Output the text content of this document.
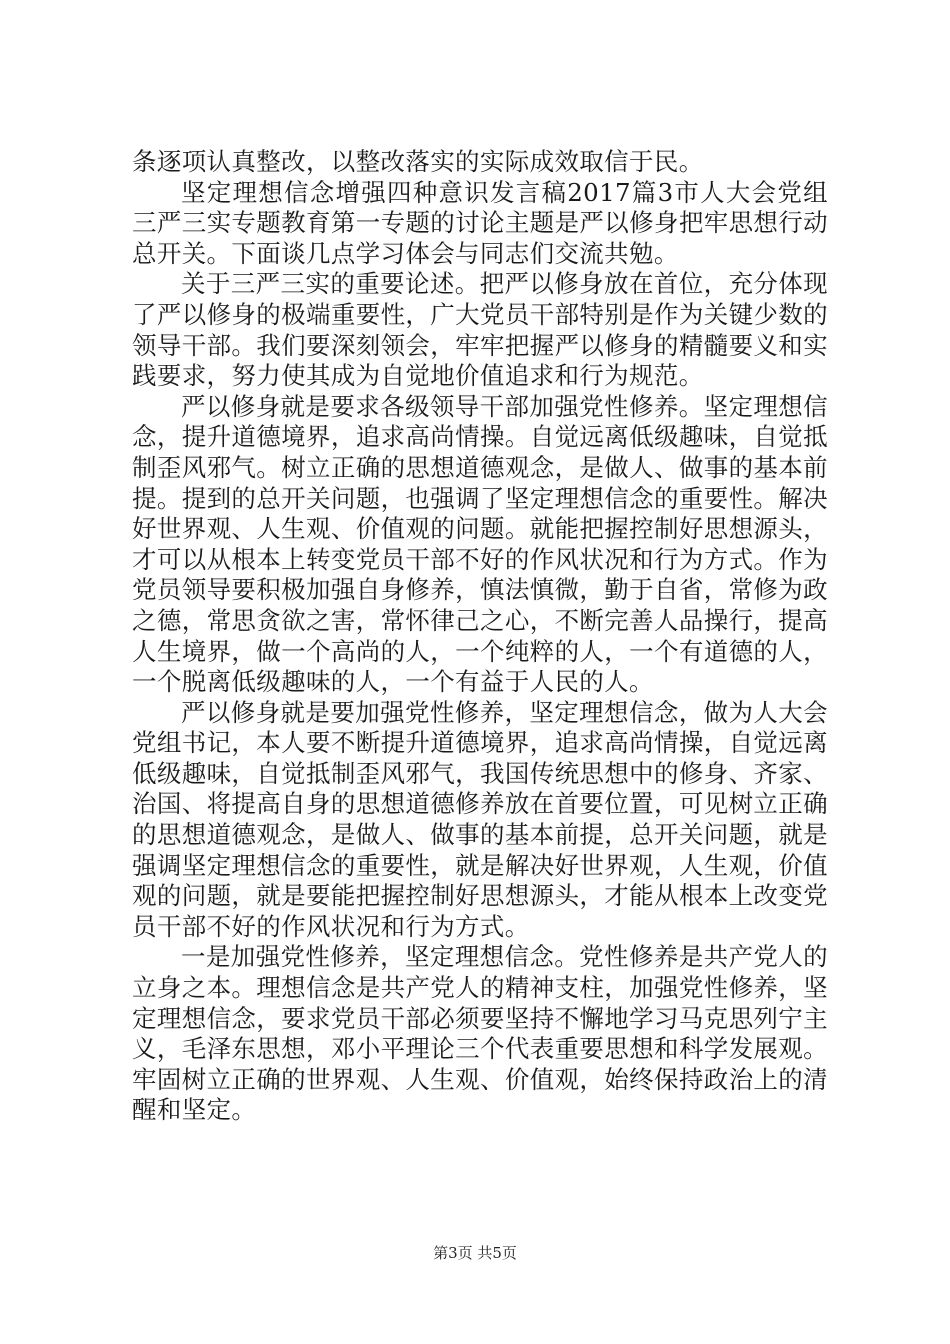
条逐项认真整改，以整改落实的实际成效取信于民。

坚定理想信念增强四种意识发言稿2017篇3市人大会党组三严三实专题教育第一专题的讨论主题是严以修身把牢思想行动总开关。下面谈几点学习体会与同志们交流共勉。

关于三严三实的重要论述。把严以修身放在首位，充分体现了严以修身的极端重要性，广大党员干部特别是作为关键少数的领导干部。我们要深刻领会，牢牢把握严以修身的精髓要义和实践要求，努力使其成为自觉地价值追求和行为规范。

严以修身就是要求各级领导干部加强党性修养。坚定理想信念，提升道德境界，追求高尚情操。自觉远离低级趣味，自觉抵制歪风邪气。树立正确的思想道德观念，是做人、做事的基本前提。提到的总开关问题，也强调了坚定理想信念的重要性。解决好世界观、人生观、价值观的问题。就能把握控制好思想源头，才可以从根本上转变党员干部不好的作风状况和行为方式。作为党员领导要积极加强自身修养，慎法慎微，勤于自省，常修为政之德，常思贪欲之害，常怀律己之心，不断完善人品操行，提高人生境界，做一个高尚的人，一个纯粹的人，一个有道德的人，一个脱离低级趣味的人，一个有益于人民的人。

严以修身就是要加强党性修养，坚定理想信念，做为人大会党组书记，本人要不断提升道德境界，追求高尚情操，自觉远离低级趣味，自觉抵制歪风邪气，我国传统思想中的修身、齐家、治国、将提高自身的思想道德修养放在首要位置，可见树立正确的思想道德观念，是做人、做事的基本前提，总开关问题，就是强调坚定理想信念的重要性，就是解决好世界观，人生观，价值观的问题，就是要能把握控制好思想源头，才能从根本上改变党员干部不好的作风状况和行为方式。

一是加强党性修养，坚定理想信念。党性修养是共产党人的立身之本。理想信念是共产党人的精神支柱，加强党性修养，坚定理想信念，要求党员干部必须要坚持不懈地学习马克思列宁主义，毛泽东思想，邓小平理论三个代表重要思想和科学发展观。牢固树立正确的世界观、人生观、价值观，始终保持政治上的清醒和坚定。

第3页 共5页
